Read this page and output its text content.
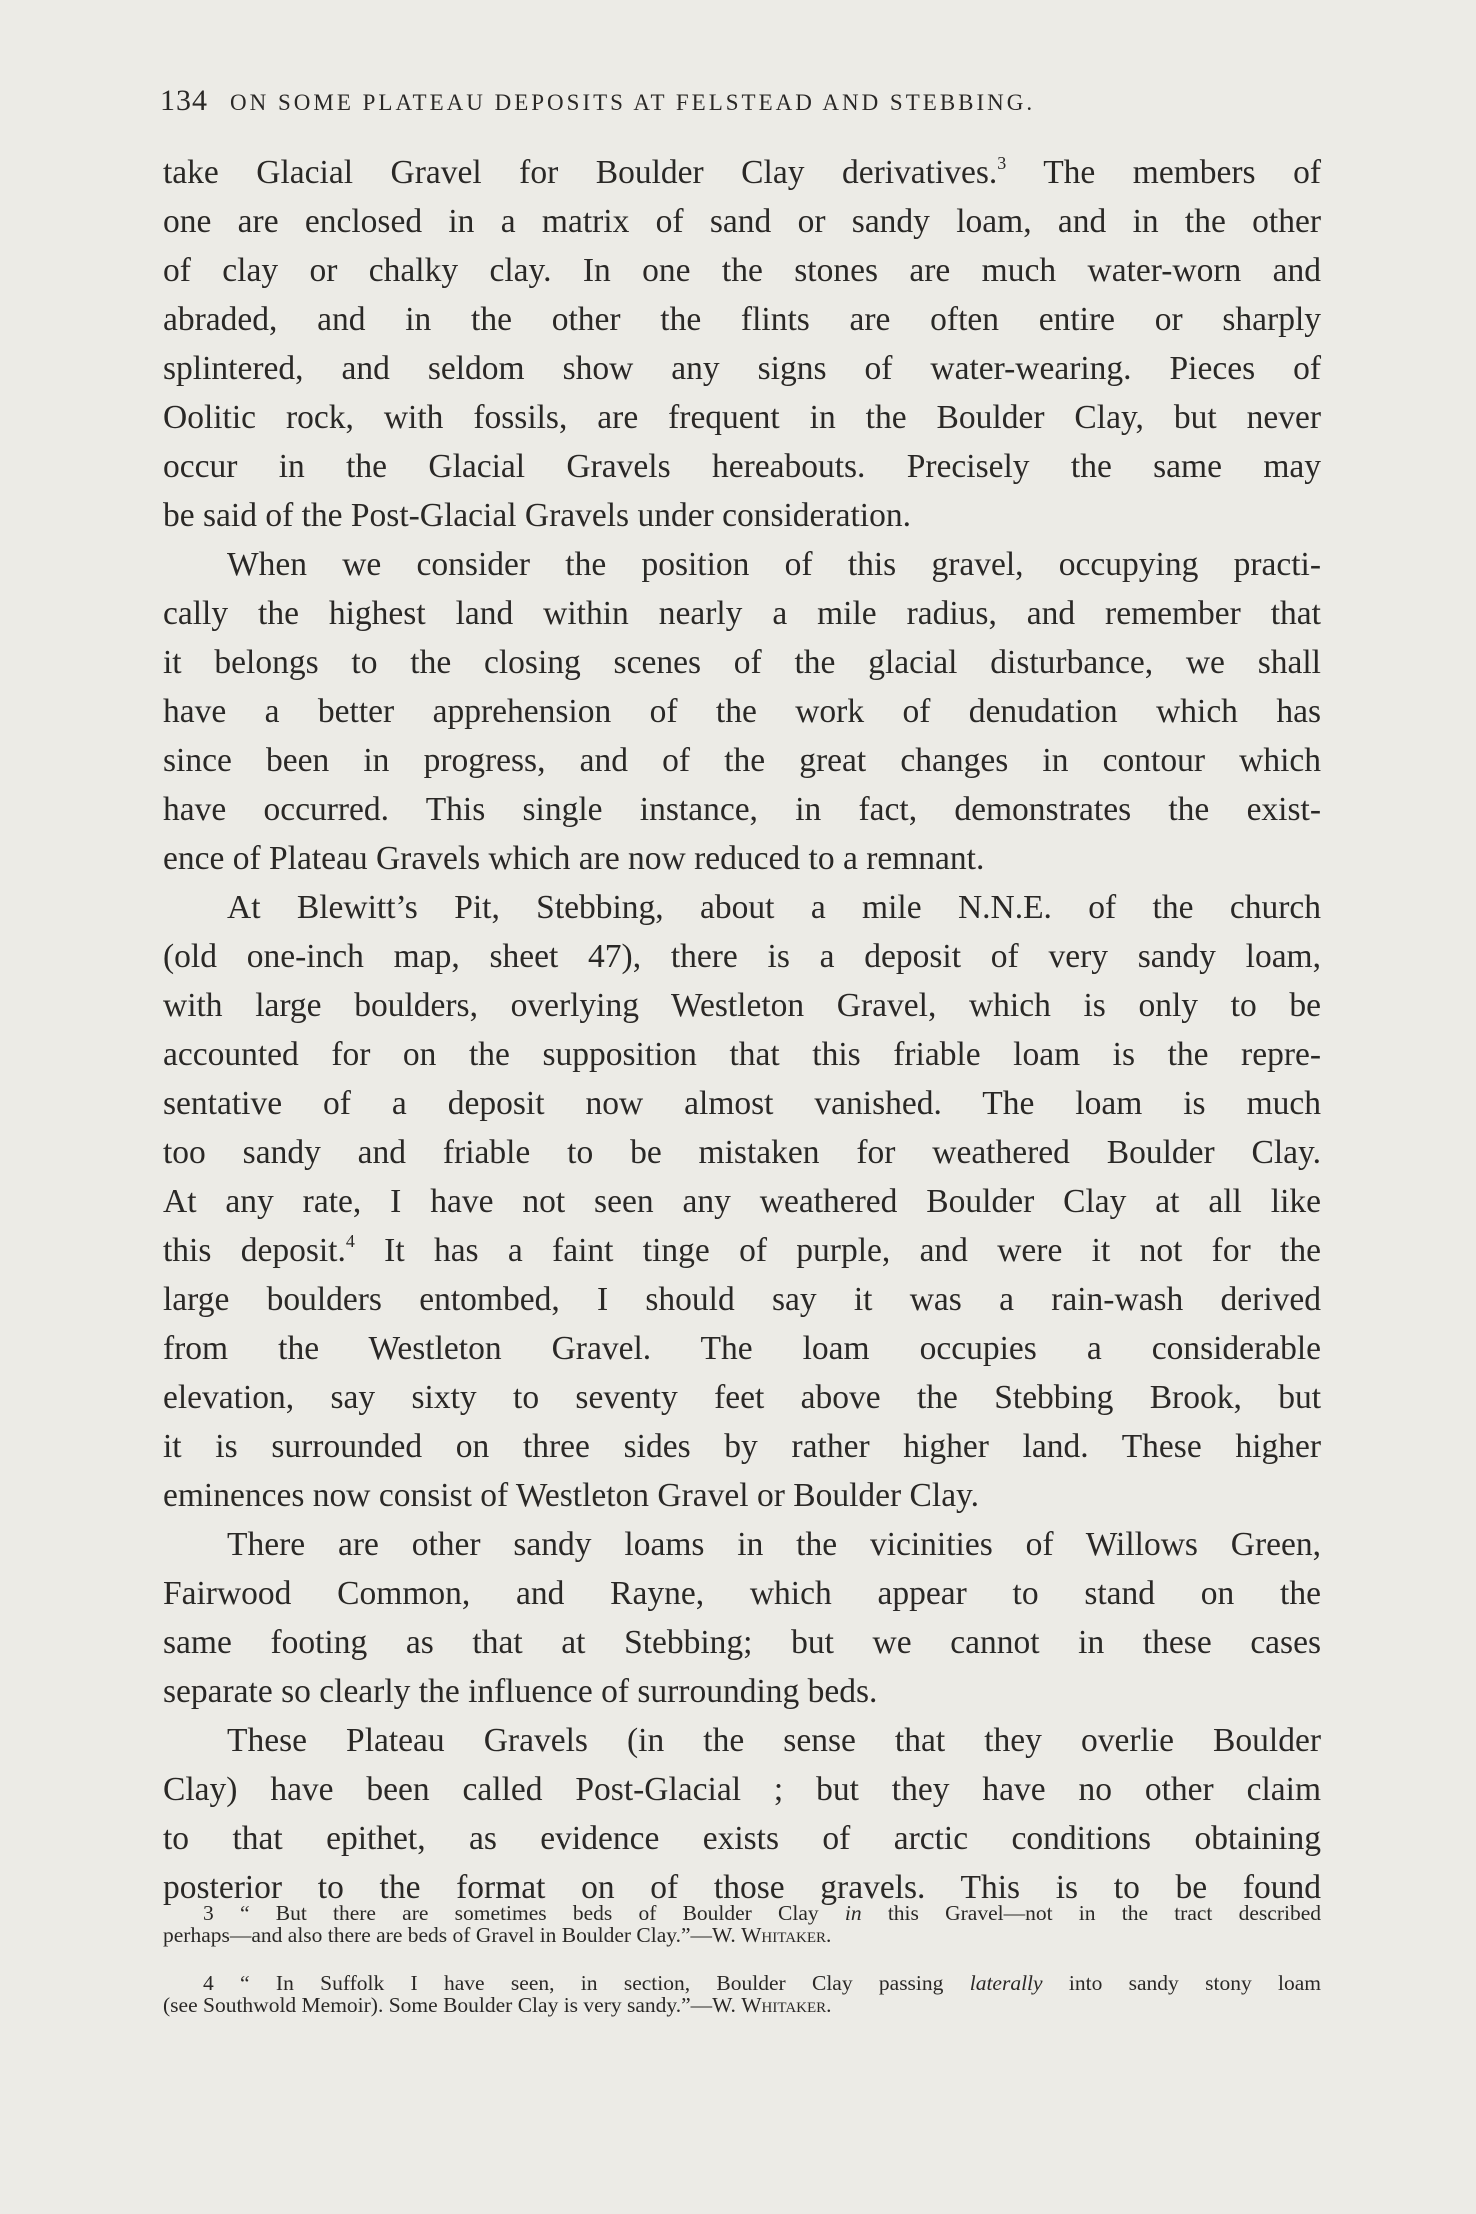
134 ON SOME PLATEAU DEPOSITS AT FELSTEAD AND STEBBING.
take Glacial Gravel for Boulder Clay derivatives.$^3$ The members of
one are enclosed in a matrix of sand or sandy loam, and in the other
of clay or chalky clay. In one the stones are much water-worn and
abraded, and in the other the flints are often entire or sharply
splintered, and seldom show any signs of water-wearing. Pieces of
Oolitic rock, with fossils, are frequent in the Boulder Clay, but never
occur in the Glacial Gravels hereabouts. Precisely the same may
be said of the Post-Glacial Gravels under consideration.
When we consider the position of this gravel, occupying practi-
cally the highest land within nearly a mile radius, and remember that
it belongs to the closing scenes of the glacial disturbance, we shall
have a better apprehension of the work of denudation which has
since been in progress, and of the great changes in contour which
have occurred. This single instance, in fact, demonstrates the exist-
ence of Plateau Gravels which are now reduced to a remnant.
At Blewitt’s Pit, Stebbing, about a mile N.N.E. of the church
(old one-inch map, sheet 47), there is a deposit of very sandy loam,
with large boulders, overlying Westleton Gravel, which is only to be
accounted for on the supposition that this friable loam is the repre-
sentative of a deposit now almost vanished. The loam is much
too sandy and friable to be mistaken for weathered Boulder Clay.
At any rate, I have not seen any weathered Boulder Clay at all like
this deposit.$^4$ It has a faint tinge of purple, and were it not for the
large boulders entombed, I should say it was a rain-wash derived
from the Westleton Gravel. The loam occupies a considerable
elevation, say sixty to seventy feet above the Stebbing Brook, but
it is surrounded on three sides by rather higher land. These higher
eminences now consist of Westleton Gravel or Boulder Clay.
There are other sandy loams in the vicinities of Willows Green,
Fairwood Common, and Rayne, which appear to stand on the
same footing as that at Stebbing; but we cannot in these cases
separate so clearly the influence of surrounding beds.
These Plateau Gravels (in the sense that they overlie Boulder
Clay) have been called Post-Glacial ; but they have no other claim
to that epithet, as evidence exists of arctic conditions obtaining
posterior to the format on of those gravels. This is to be found
3 “ But there are sometimes beds of Boulder Clay in this Gravel—not in the tract described
perhaps—and also there are beds of Gravel in Boulder Clay.”—W. Whitaker.
4 “ In Suffolk I have seen, in section, Boulder Clay passing laterally into sandy stony loam
(see Southwold Memoir). Some Boulder Clay is very sandy.”—W. Whitaker.
